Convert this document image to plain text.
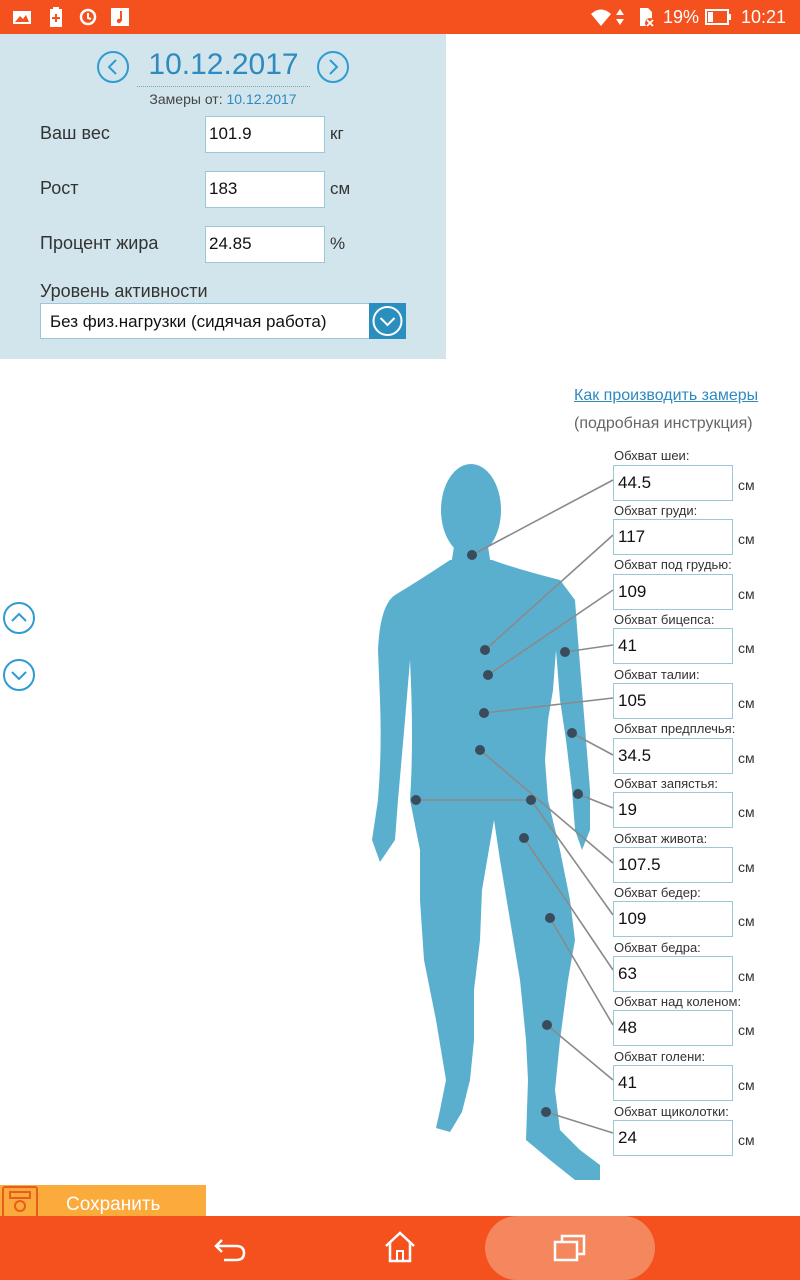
19% 10:21
10.12.2017
Замеры от: 10.12.2017
Ваш вес	101.9	кг
Рост	183	см
Процент жира	24.85	%
Уровень активности
Без физ.нагрузки (сидячая работа)
Как производить замеры
(подробная инструкция)
Обхват шеи:
44.5	см
Обхват груди:
117	см
Обхват под грудью:
109	см
Обхват бицепса:
41	см
Обхват талии:
105	см
Обхват предплечья:
34.5	см
Обхват запястья:
19	см
Обхват живота:
107.5	см
Обхват бедер:
109	см
Обхват бедра:
63	см
Обхват над коленом:
48	см
Обхват голени:
41	см
Обхват щиколотки:
24	см
Сохранить
